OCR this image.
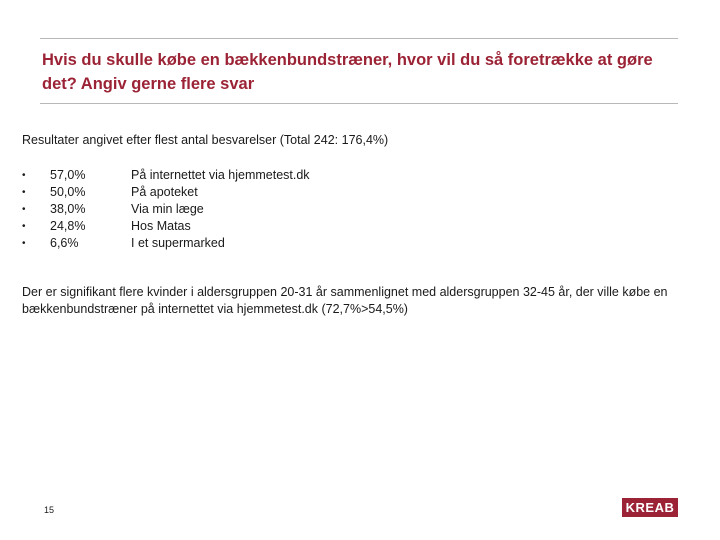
Hvis du skulle købe en bækkenbundstræner, hvor vil du så foretrække at gøre det? Angiv gerne flere svar

Resultater angivet efter flest antal besvarelser (Total 242: 176,4%)

• 57,0%	På internettet via hjemmetest.dk
• 50,0%	På apoteket
• 38,0%	Via min læge
• 24,8%	Hos Matas
• 6,6%	I et supermarked

Der er signifikant flere kvinder i aldersgruppen 20-31 år sammenlignet med aldersgruppen 32-45 år, der ville købe en bækkenbundstræner på internettet via hjemmetest.dk (72,7%>54,5%)

15	KREAB
